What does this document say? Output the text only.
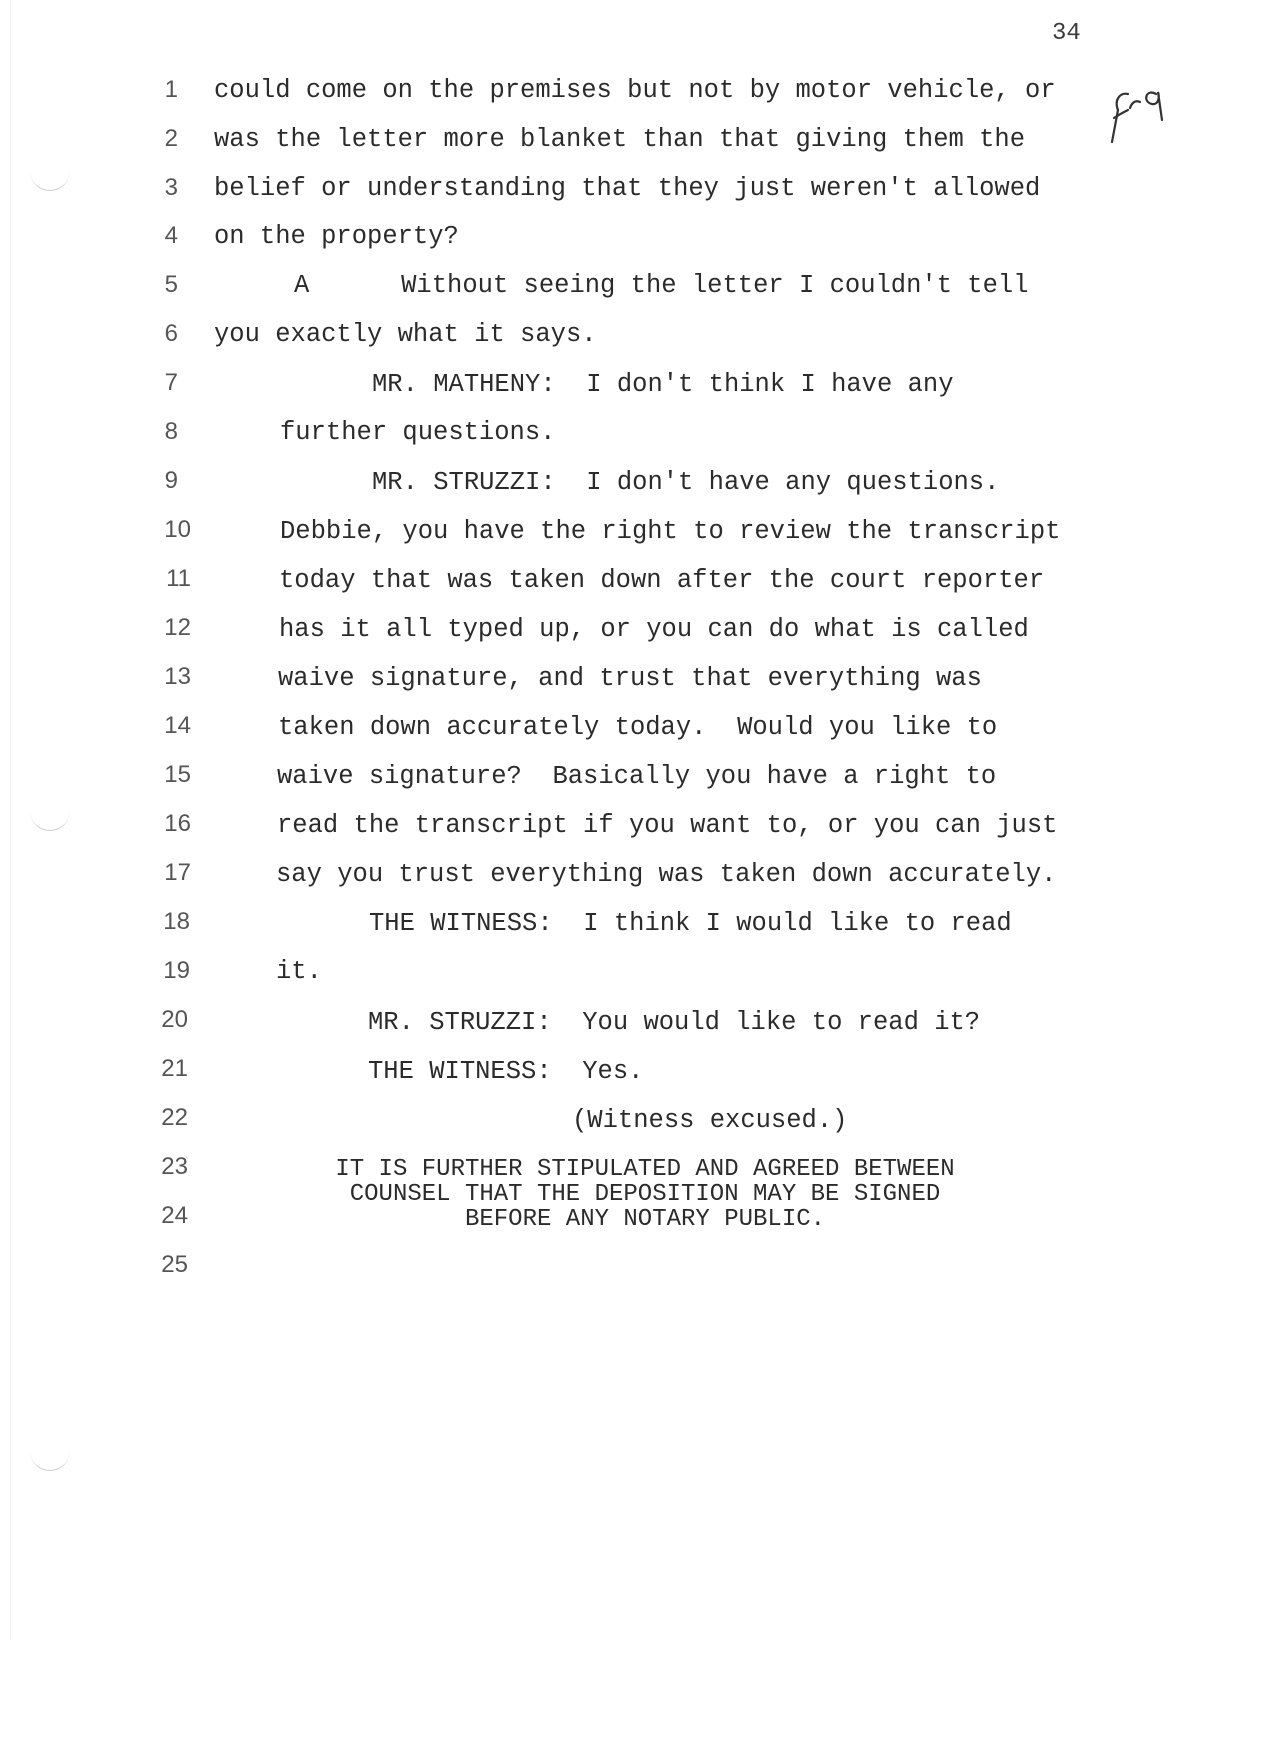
34
1
2
3
4
5
6
7
8
9
10
11
12
13
14
15
16
17
18
19
20
21
22
23
24
25
could come on the premises but not by motor vehicle, or
was the letter more blanket than that giving them the
belief or understanding that they just weren't allowed
on the property?
A      Without seeing the letter I couldn't tell
you exactly what it says.
MR. MATHENY:  I don't think I have any
further questions.
MR. STRUZZI:  I don't have any questions.
Debbie, you have the right to review the transcript
today that was taken down after the court reporter
has it all typed up, or you can do what is called
waive signature, and trust that everything was
taken down accurately today.  Would you like to
waive signature?  Basically you have a right to
read the transcript if you want to, or you can just
say you trust everything was taken down accurately.
THE WITNESS:  I think I would like to read
it.
MR. STRUZZI:  You would like to read it?
THE WITNESS:  Yes.
(Witness excused.)
IT IS FURTHER STIPULATED AND AGREED BETWEEN
COUNSEL THAT THE DEPOSITION MAY BE SIGNED
BEFORE ANY NOTARY PUBLIC.
